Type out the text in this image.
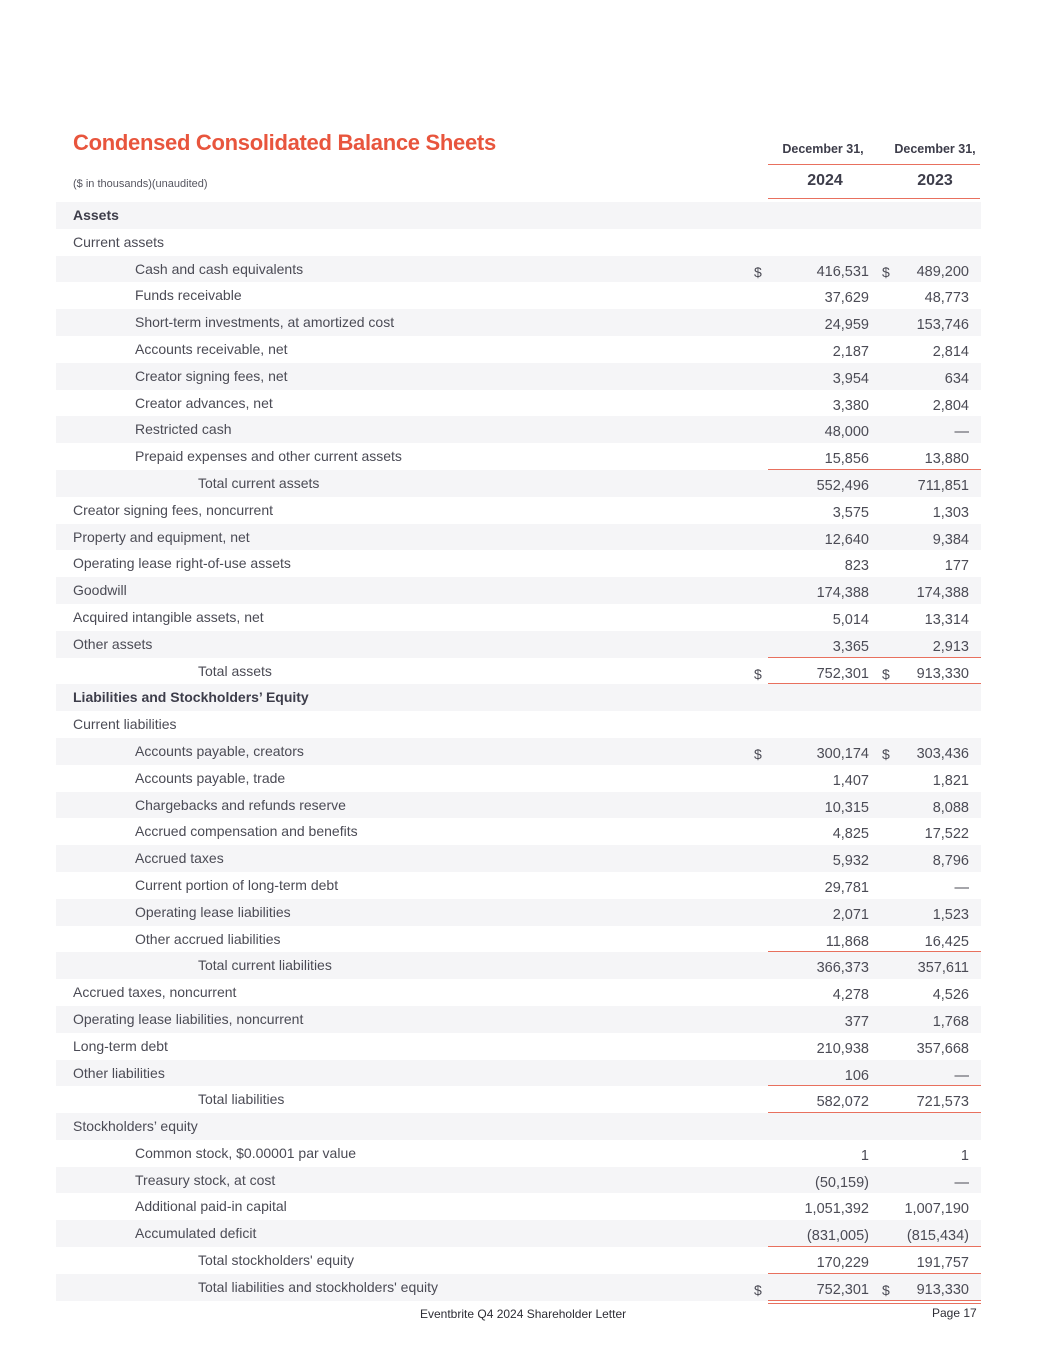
Condensed Consolidated Balance Sheets
($ in thousands)(unaudited)
December 31,	December 31,
2024	2023
Assets
Current assets
Cash and cash equivalents	$	416,531 $ 489,200
Funds receivable	37,629	48,773
Short-term investments, at amortized cost	24,959	153,746
Accounts receivable, net	2,187	2,814
Creator signing fees, net	3,954	634
Creator advances, net	3,380	2,804
Restricted cash	48,000	—
Prepaid expenses and other current assets	15,856	13,880
Total current assets	552,496	711,851
Creator signing fees, noncurrent	3,575	1,303
Property and equipment, net	12,640	9,384
Operating lease right-of-use assets	823	177
Goodwill	174,388	174,388
Acquired intangible assets, net	5,014	13,314
Other assets	3,365	2,913
Total assets	$	752,301 $ 913,330
Liabilities and Stockholders’ Equity
Current liabilities
Accounts payable, creators	$	300,174 $ 303,436
Accounts payable, trade	1,407	1,821
Chargebacks and refunds reserve	10,315	8,088
Accrued compensation and benefits	4,825	17,522
Accrued taxes	5,932	8,796
Current portion of long-term debt	29,781	—
Operating lease liabilities	2,071	1,523
Other accrued liabilities	11,868	16,425
Total current liabilities	366,373	357,611
Accrued taxes, noncurrent	4,278	4,526
Operating lease liabilities, noncurrent	377	1,768
Long-term debt	210,938	357,668
Other liabilities	106	—
Total liabilities	582,072	721,573
Stockholders’ equity
Common stock, $0.00001 par value	1	1
Treasury stock, at cost	(50,159)	—
Additional paid-in capital	1,051,392 1,007,190
Accumulated deficit	(831,005)	(815,434)
Total stockholders' equity	170,229	191,757
Total liabilities and stockholders' equity	$	752,301 $ 913,330
Eventbrite Q4 2024 Shareholder Letter	Page 17
